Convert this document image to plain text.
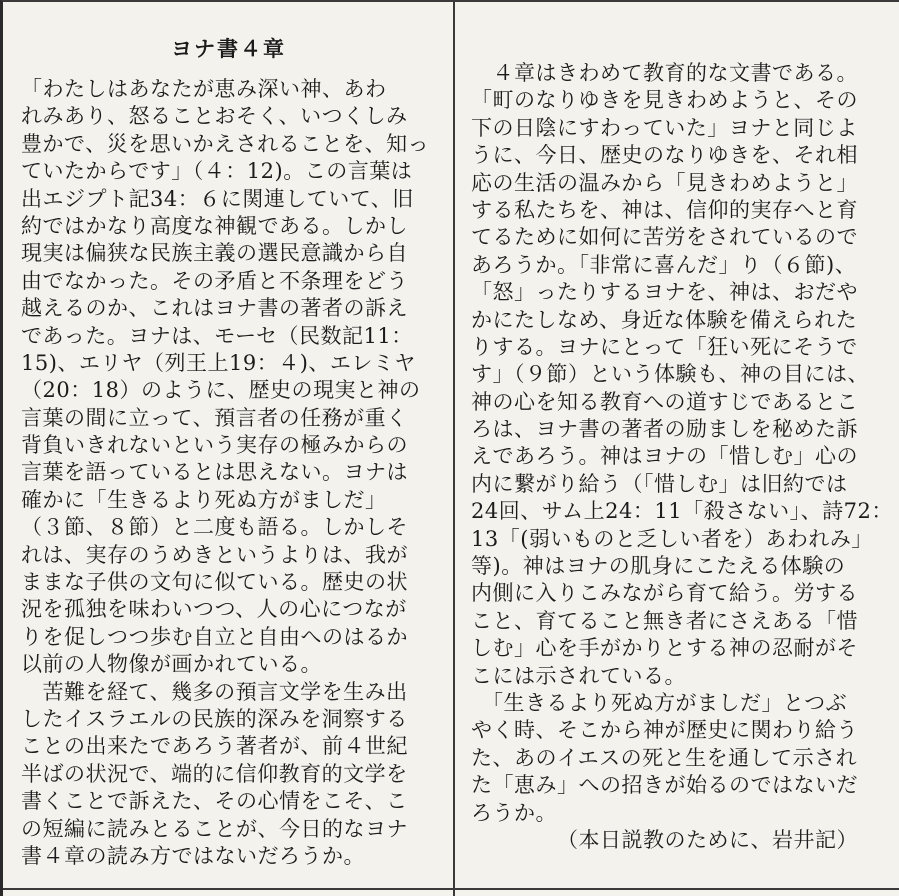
ヨナ書４章
「わたしはあなたが恵み深い神、あわ
れみあり、怒ることおそく、いつくしみ
豊かで、災を思いかえされることを、知っ
ていたからです」（４：12)。この言葉は
出エジプト記34：６に関連していて、旧
約ではかなり高度な神観である。しかし
現実は偏狭な民族主義の選民意識から自
由でなかった。その矛盾と不条理をどう
越えるのか、これはヨナ書の著者の訴え
であった。ヨナは、モーセ（民数記11：
15)、エリヤ（列王上19：４)、エレミヤ
（20：18）のように、歴史の現実と神の
言葉の間に立って、預言者の任務が重く
背負いきれないという実存の極みからの
言葉を語っているとは思えない。ヨナは
確かに「生きるより死ぬ方がましだ」
（３節、８節）と二度も語る。しかしそ
れは、実存のうめきというよりは、我が
ままな子供の文句に似ている。歴史の状
況を孤独を味わいつつ、人の心につなが
りを促しつつ歩む自立と自由へのはるか
以前の人物像が画かれている。
　苦難を経て、幾多の預言文学を生み出
したイスラエルの民族的深みを洞察する
ことの出来たであろう著者が、前４世紀
半ばの状況で、端的に信仰教育的文学を
書くことで訴えた、その心情をこそ、こ
の短編に読みとることが、今日的なヨナ
書４章の読み方ではないだろうか。
　４章はきわめて教育的な文書である。
「町のなりゆきを見きわめようと、その
下の日陰にすわっていた」ヨナと同じよ
うに、今日、歴史のなりゆきを、それ相
応の生活の温みから「見きわめようと」
する私たちを、神は、信仰的実存へと育
てるために如何に苦労をされているので
あろうか。「非常に喜んだ」り（６節)、
「怒」ったりするヨナを、神は、おだや
かにたしなめ、身近な体験を備えられた
りする。ヨナにとって「狂い死にそうで
す」（９節）という体験も、神の目には、
神の心を知る教育への道すじであるとこ
ろは、ヨナ書の著者の励ましを秘めた訴
えであろう。神はヨナの「惜しむ」心の
内に繋がり給う（「惜しむ」は旧約では
24回、サム上24：11「殺さない」、詩72：
13「(弱いものと乏しい者を）あわれみ」
等)。神はヨナの肌身にこたえる体験の
内側に入りこみながら育て給う。労する
こと、育てること無き者にさえある「惜
しむ」心を手がかりとする神の忍耐がそ
こには示されている。
　「生きるより死ぬ方がましだ」とつぶ
やく時、そこから神が歴史に関わり給う
た、あのイエスの死と生を通して示され
た「恵み」への招きが始るのではないだ
ろうか。
（本日説教のために、岩井記）
